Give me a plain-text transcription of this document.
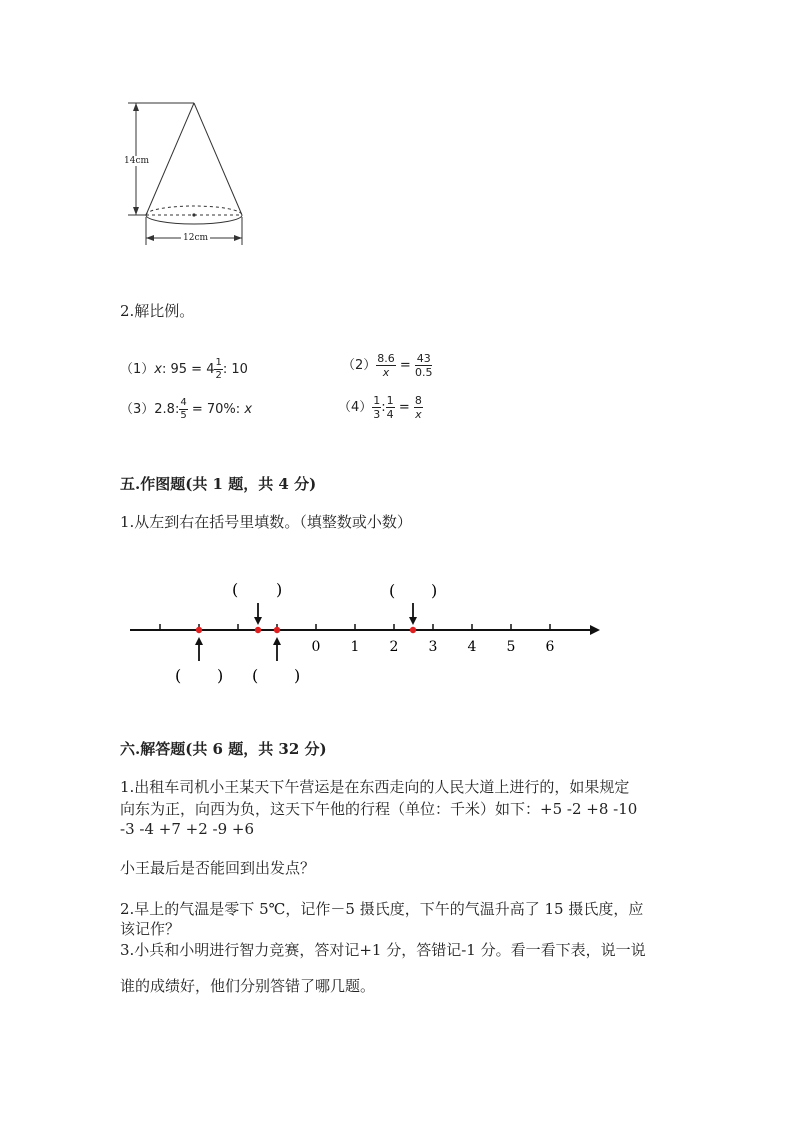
14cm
12cm
2.解比例。
（1）x: $95 = 4 \frac{1}{2}$ : 10	$(2) \frac{8.6}{x} = \frac{43}{0.5}$
（3）2.8: $\frac{4}{5} = 70\%$: x	$(4) \frac{1}{3}$ : $\frac{1}{4} = \frac{8}{x}$
五.作图题(共 1 题，共 4 分)
1.从左到右在括号里填数。（填整数或小数）
0 1 2 3 4 5 6
( )	( )
( ) ( )
六.解答题(共 6 题，共 32 分)
1.出租车司机小王某天下午营运是在东西走向的人民大道上进行的，如果规定
向东为正，向西为负，这天下午他的行程（单位：千米）如下：+5 -2 +8 -10
-3 -4 +7 +2 -9 +6
小王最后是否能回到出发点？
2.早上的气温是零下 5℃，记作－5 摄氏度，下午的气温升高了 15 摄氏度，应
该记作？
3.小兵和小明进行智力竞赛，答对记+1 分，答错记-1 分。看一看下表，说一说
谁的成绩好，他们分别答错了哪几题。
